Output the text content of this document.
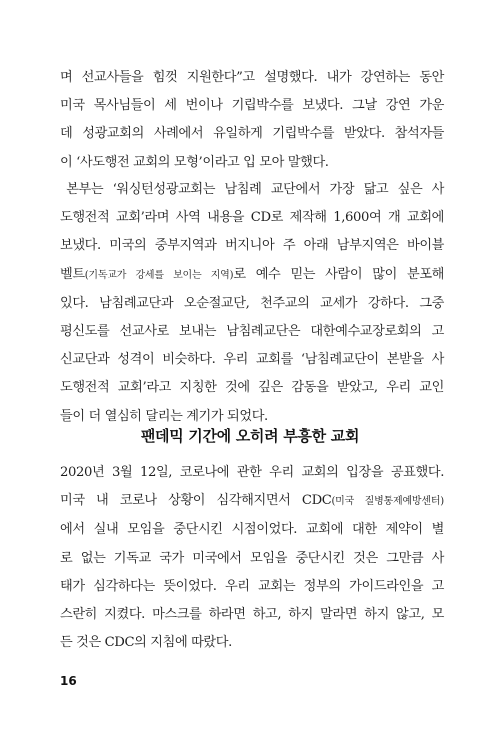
며 선교사들을 힘껏 지원한다”고 설명했다. 내가 강연하는 동안
미국 목사님들이 세 번이나 기립박수를 보냈다. 그날 강연 가운
데 성광교회의 사례에서 유일하게 기립박수를 받았다. 참석자들
이 ‘사도행전 교회의 모형’이라고 입 모아 말했다.

 본부는 ‘워싱턴성광교회는 남침례 교단에서 가장 닮고 싶은 사
도행전적 교회’라며 사역 내용을 CD로 제작해 1,600여 개 교회에
보냈다. 미국의 중부지역과 버지니아 주 아래 남부지역은 바이블
벨트(기독교가 강세를 보이는 지역)로 예수 믿는 사람이 많이 분포해
있다. 남침례교단과 오순절교단, 천주교의 교세가 강하다. 그중
평신도를 선교사로 보내는 남침례교단은 대한예수교장로회의 고
신교단과 성격이 비슷하다. 우리 교회를 ‘남침례교단이 본받을 사
도행전적 교회’라고 지칭한 것에 깊은 감동을 받았고, 우리 교인
들이 더 열심히 달리는 계기가 되었다.

팬데믹 기간에 오히려 부흥한 교회

2020년 3월 12일, 코로나에 관한 우리 교회의 입장을 공표했다.
미국 내 코로나 상황이 심각해지면서 CDC(미국 질병통제예방센터)
에서 실내 모임을 중단시킨 시점이었다. 교회에 대한 제약이 별
로 없는 기독교 국가 미국에서 모임을 중단시킨 것은 그만큼 사
태가 심각하다는 뜻이었다. 우리 교회는 정부의 가이드라인을 고
스란히 지켰다. 마스크를 하라면 하고, 하지 말라면 하지 않고, 모
든 것은 CDC의 지침에 따랐다.

16
